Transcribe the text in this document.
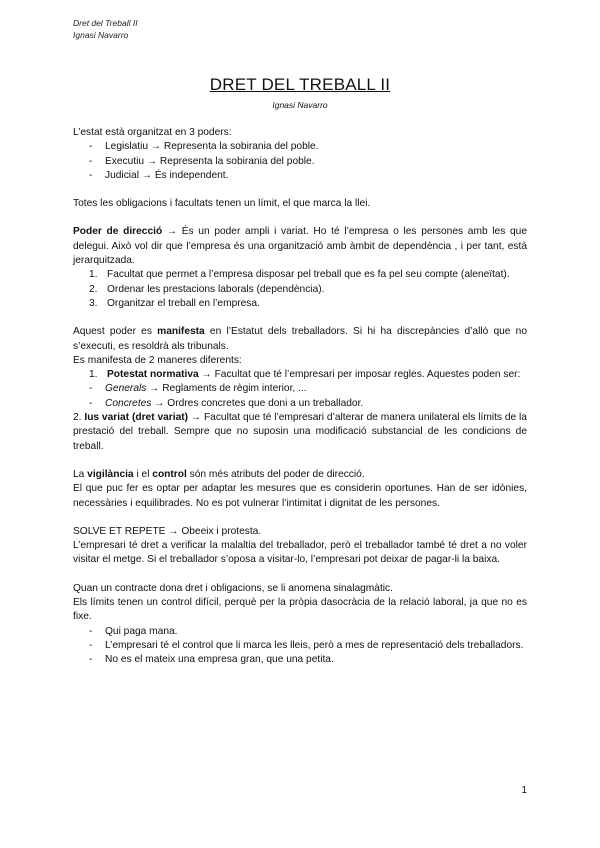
Dret del Treball II
Ignasi Navarro
DRET DEL TREBALL II
Ignasi Navarro

L’estat està organitzat en 3 poders:

-	Legislatiu → Representa la sobirania del poble.
-	Executiu → Representa la sobirania del poble.
-	Judicial → És independent.

Totes les obligacions i facultats tenen un límit, el que marca la llei.

Poder de direcció → És un poder ampli i variat. Ho té l’empresa o les persones amb les que delegui. Això vol dir que l’empresa és una organització amb àmbit de dependència , i per tant, està jerarquitzada.

1. Facultat que permet a l’empresa disposar pel treball que es fa pel seu compte (aleneïtat).
2. Ordenar les prestacions laborals (dependència).
3. Organitzar el treball en l’empresa.

Aquest poder es manifesta en l’Estatut dels treballadors. Si hi ha discrepàncies d’allò que no s’executi, es resoldrà als tribunals.

Es manifesta de 2 maneres diferents:

1. Potestat normativa → Facultat que té l’empresari per imposar regles. Aquestes poden ser:
-	Generals → Reglaments de règim interior, ...
-	Concretes → Ordres concretes que doni a un treballador.

2. Ius variat (dret variat) → Facultat que té l’empresari d’alterar de manera unilateral els límits de la prestació del treball. Sempre que no suposin una modificació substancial de les condicions de treball.

La vigilància i el control són més atributs del poder de direcció.

El que puc fer es optar per adaptar les mesures que es considerin oportunes. Han de ser idònies, necessàries i equilibrades. No es pot vulnerar l’intimitat i dignitat de les persones.

SOLVE ET REPETE → Obeeix i protesta.

L’empresari té dret a verificar la malaltia del treballador, però el treballador també té dret a no voler visitar el metge. Si el treballador s’oposa a visitar-lo, l’empresari pot deixar de pagar-li la baixa.

Quan un contracte dona dret i obligacions, se li anomena sinalagmàtic.

Els límits tenen un control difícil, perquè per la pròpia dasocràcia de la relació laboral, ja que no es fixe.

-	Qui paga mana.
-	L’empresari té el control que li marca les lleis, però a mes de representació dels treballadors.
-	No es el mateix una empresa gran, que una petita.
1
